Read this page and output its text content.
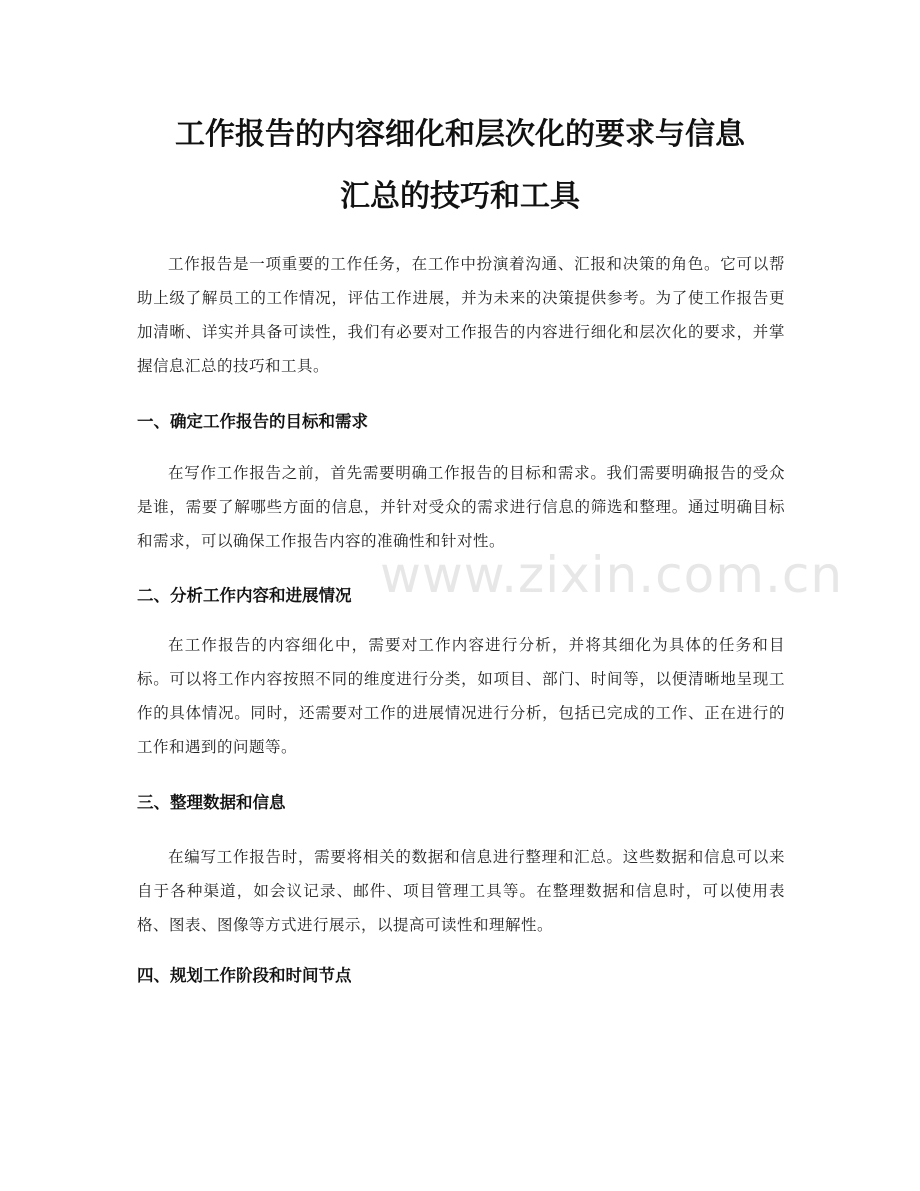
工作报告的内容细化和层次化的要求与信息
汇总的技巧和工具
工作报告是一项重要的工作任务，在工作中扮演着沟通、汇报和决策的角色。它可以帮助上级了解员工的工作情况，评估工作进展，并为未来的决策提供参考。为了使工作报告更加清晰、详实并具备可读性，我们有必要对工作报告的内容进行细化和层次化的要求，并掌握信息汇总的技巧和工具。
一、确定工作报告的目标和需求
在写作工作报告之前，首先需要明确工作报告的目标和需求。我们需要明确报告的受众是谁，需要了解哪些方面的信息，并针对受众的需求进行信息的筛选和整理。通过明确目标和需求，可以确保工作报告内容的准确性和针对性。
二、分析工作内容和进展情况
在工作报告的内容细化中，需要对工作内容进行分析，并将其细化为具体的任务和目标。可以将工作内容按照不同的维度进行分类，如项目、部门、时间等，以便清晰地呈现工作的具体情况。同时，还需要对工作的进展情况进行分析，包括已完成的工作、正在进行的工作和遇到的问题等。
三、整理数据和信息
在编写工作报告时，需要将相关的数据和信息进行整理和汇总。这些数据和信息可以来自于各种渠道，如会议记录、邮件、项目管理工具等。在整理数据和信息时，可以使用表格、图表、图像等方式进行展示，以提高可读性和理解性。
四、规划工作阶段和时间节点
www.zixin.com.cn
